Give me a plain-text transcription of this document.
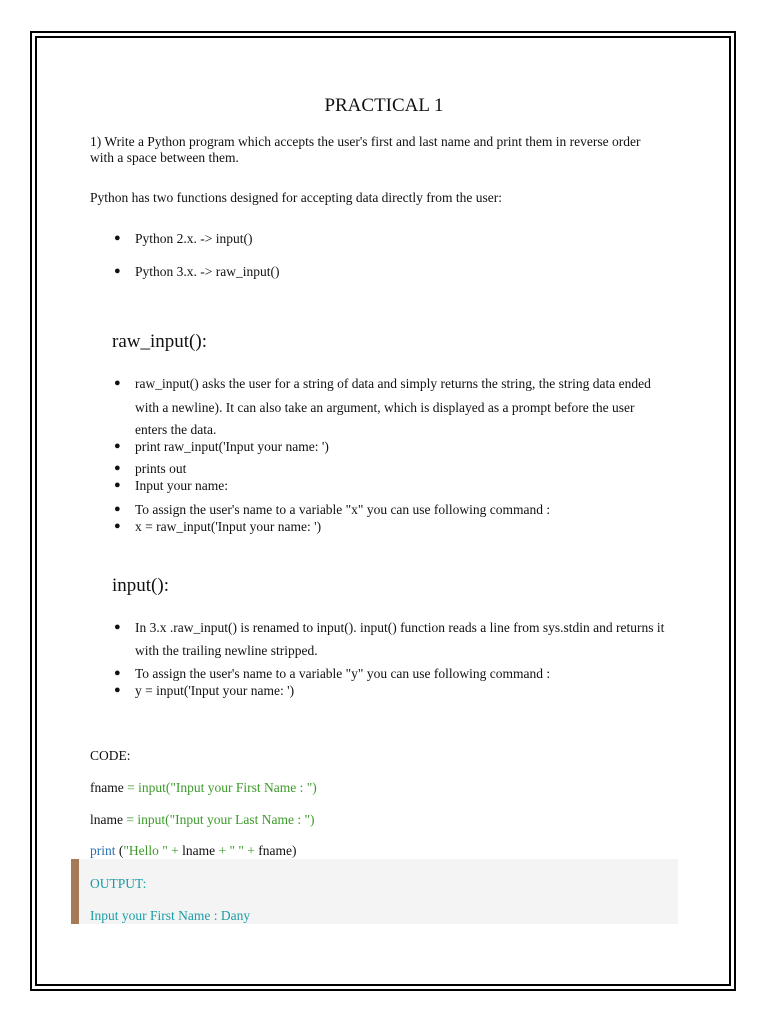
PRACTICAL 1
1) Write a Python program which accepts the user's first and last name and print them in reverse order
with a space between them.
Python has two functions designed for accepting data directly from the user:
● Python 2.x. -> input()
● Python 3.x. -> raw_input()
raw_input():
● raw_input() asks the user for a string of data and simply returns the string, the string data ended
with a newline). It can also take an argument, which is displayed as a prompt before the user
enters the data.
● print raw_input('Input your name: ')
● prints out
● Input your name:
● To assign the user's name to a variable "x" you can use following command :
● x = raw_input('Input your name: ')
input():
● In 3.x .raw_input() is renamed to input(). input() function reads a line from sys.stdin and returns it
with the trailing newline stripped.
● To assign the user's name to a variable "y" you can use following command :
● y = input('Input your name: ')
CODE:
fname = input("Input your First Name : ")
lname = input("Input your Last Name : ")
print ("Hello " + lname + " " + fname)
OUTPUT:
Input your First Name : Dany
